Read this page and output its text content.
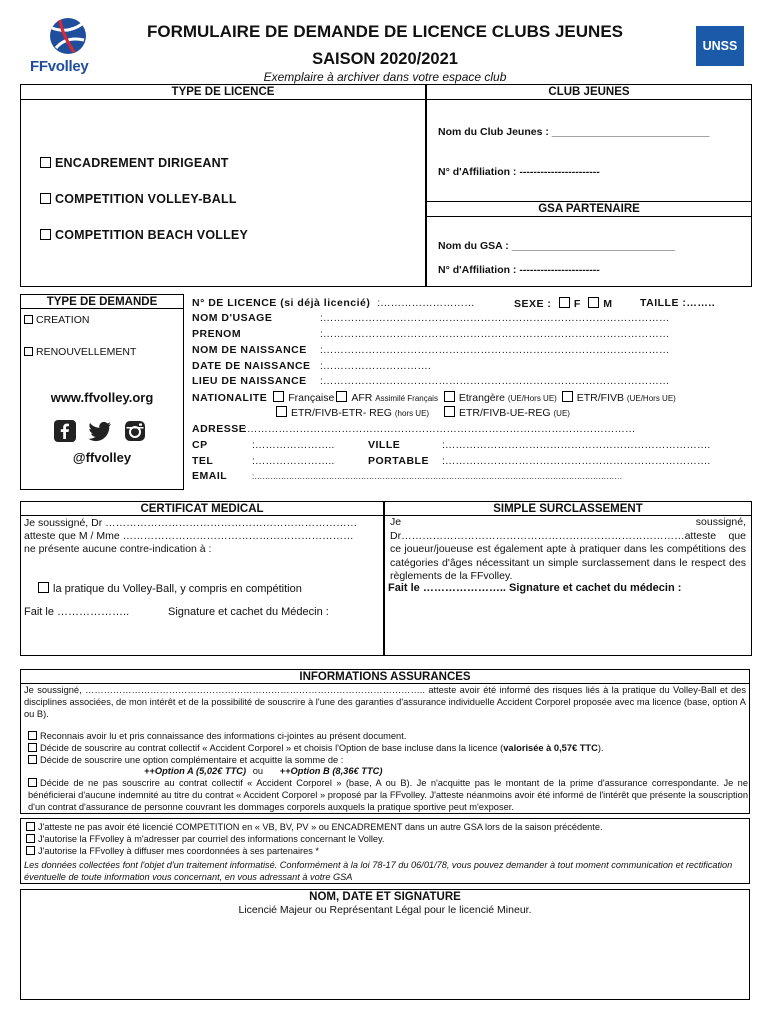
FFvolley
FORMULAIRE DE DEMANDE DE LICENCE CLUBS JEUNES
SAISON 2020/2021
Exemplaire à archiver dans votre espace club
UNSS
TYPE DE LICENCE
ENCADREMENT DIRIGEANT
COMPETITION VOLLEY-BALL
COMPETITION BEACH VOLLEY
CLUB JEUNES
Nom du Club Jeunes : ___________________________
N° d'Affiliation : -----------------------
GSA PARTENAIRE
Nom du GSA : ____________________________
N° d'Affiliation : -----------------------
TYPE DE DEMANDE
CREATION
RENOUVELLEMENT
www.ffvolley.org
@ffvolley
N° DE LICENCE (si déjà licencié) :………………………	SEXE : F M	TAILLE :……..
NOM D'USAGE	:………………………………………………………………………………………
PRENOM	:………………………………………………………………………………………
NOM DE NAISSANCE :………………………………………………………………………………………
DATE DE NAISSANCE :………………………….
LIEU DE NAISSANCE :………………………………………………………………………………………
NATIONALITE Française AFR Assimilé Français Etrangère (UE/Hors UE) ETR/FIVB (UE/Hors UE)
ETR/FIVB-ETR- REG (hors UE)	ETR/FIVB-UE-REG (UE)
ADRESSE:…………………………………………………………………………………………………
CP	:…………………..	VILLE	:………………………………………………………………….
TEL	:…………………..	PORTABLE :………………………………………………………………….
EMAIL	:…………………………………………………………………………………………………………………………
CERTIFICAT MEDICAL
Je soussigné, Dr ………………………………………………………………
atteste que M / Mme …………………………………………………………
ne présente aucune contre-indication à :
la pratique du Volley-Ball, y compris en compétition
Fait le ………………..	Signature et cachet du Médecin :
SIMPLE SURCLASSEMENT
Je soussigné, Dr………………………………………………………………………atteste que ce joueur/joueuse est également apte à pratiquer dans les compétitions des catégories d'âges nécessitant un simple surclassement dans le respect des règlements de la FFvolley.
Fait le ………………….. Signature et cachet du médecin :
INFORMATIONS ASSURANCES
Je soussigné, ……………………………………………………………………………………………….. atteste avoir été informé des risques liés à la pratique du Volley-Ball et des disciplines associées, de mon intérêt et de la possibilité de souscrire à l'une des garanties d'assurance individuelle Accident Corporel proposée avec ma licence (base, option A ou B).
Reconnais avoir lu et pris connaissance des informations ci-jointes au présent document.
Décide de souscrire au contrat collectif « Accident Corporel » et choisis l'Option de base incluse dans la licence (valorisée à 0,57€ TTC).
Décide de souscrire une option complémentaire et acquitte la somme de :
++Option A (5,02€ TTC) ou ++Option B (8,36€ TTC)
Décide de ne pas souscrire au contrat collectif « Accident Corporel » (base, A ou B). Je n'acquitte pas le montant de la prime d'assurance correspondante. Je ne bénéficierai d'aucune indemnité au titre du contrat « Accident Corporel » proposé par la FFvolley. J'atteste néanmoins avoir été informé de l'intérêt que présente la souscription d'un contrat d'assurance de personne couvrant les dommages corporels auxquels la pratique sportive peut m'exposer.
J'atteste ne pas avoir été licencié COMPETITION en « VB, BV, PV » ou ENCADREMENT dans un autre GSA lors de la saison précédente.
J'autorise la FFvolley à m'adresser par courriel des informations concernant le Volley.
J'autorise la FFvolley à diffuser mes coordonnées à ses partenaires *
Les données collectées font l'objet d'un traitement informatisé. Conformément à la loi 78-17 du 06/01/78, vous pouvez demander à tout moment communication et rectification éventuelle de toute information vous concernant, en vous adressant à votre GSA
NOM, DATE ET SIGNATURE
Licencié Majeur ou Représentant Légal pour le licencié Mineur.
